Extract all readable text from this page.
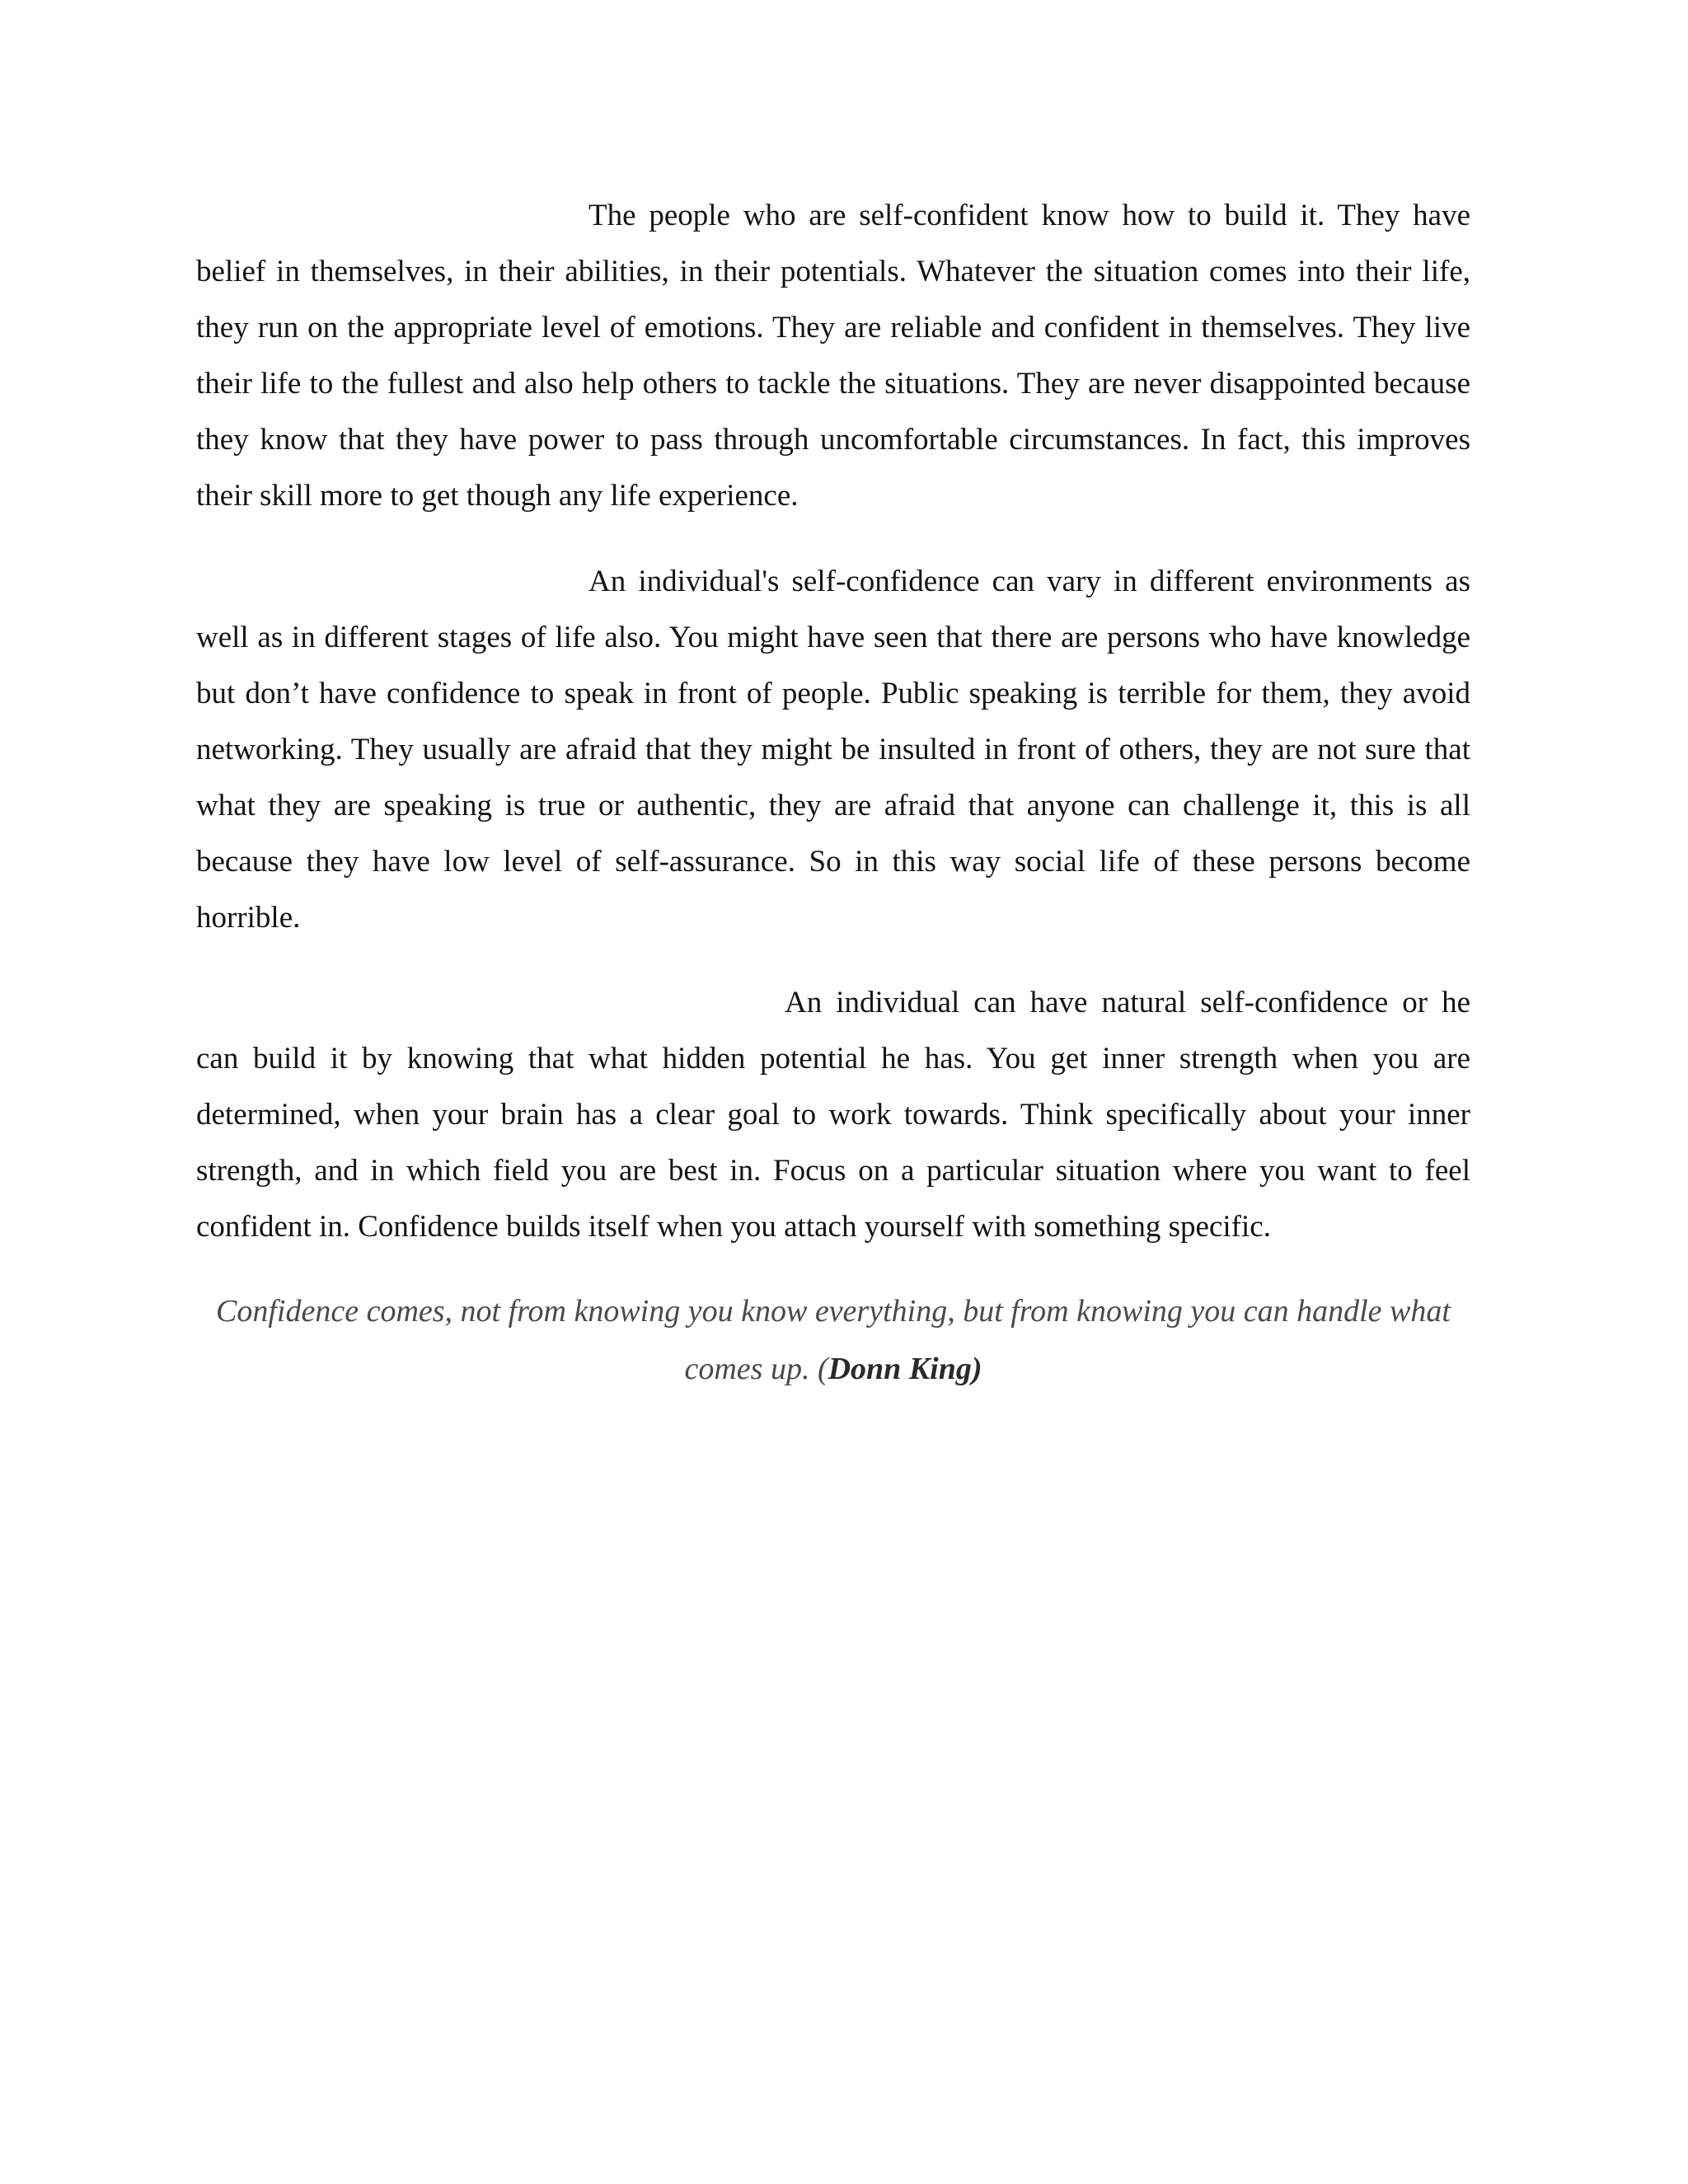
The people who are self-confident know how to build it. They have belief in themselves, in their abilities, in their potentials. Whatever the situation comes into their life, they run on the appropriate level of emotions. They are reliable and confident in themselves. They live their life to the fullest and also help others to tackle the situations. They are never disappointed because they know that they have power to pass through uncomfortable circumstances. In fact, this improves their skill more to get though any life experience.

An individual's self-confidence can vary in different environments as well as in different stages of life also. You might have seen that there are persons who have knowledge but don’t have confidence to speak in front of people. Public speaking is terrible for them, they avoid networking. They usually are afraid that they might be insulted in front of others, they are not sure that what they are speaking is true or authentic, they are afraid that anyone can challenge it, this is all because they have low level of self-assurance. So in this way social life of these persons become horrible.

An individual can have natural self-confidence or he can build it by knowing that what hidden potential he has. You get inner strength when you are determined, when your brain has a clear goal to work towards. Think specifically about your inner strength, and in which field you are best in. Focus on a particular situation where you want to feel confident in. Confidence builds itself when you attach yourself with something specific.

Confidence comes, not from knowing you know everything, but from knowing you can handle what comes up. (Donn King)
